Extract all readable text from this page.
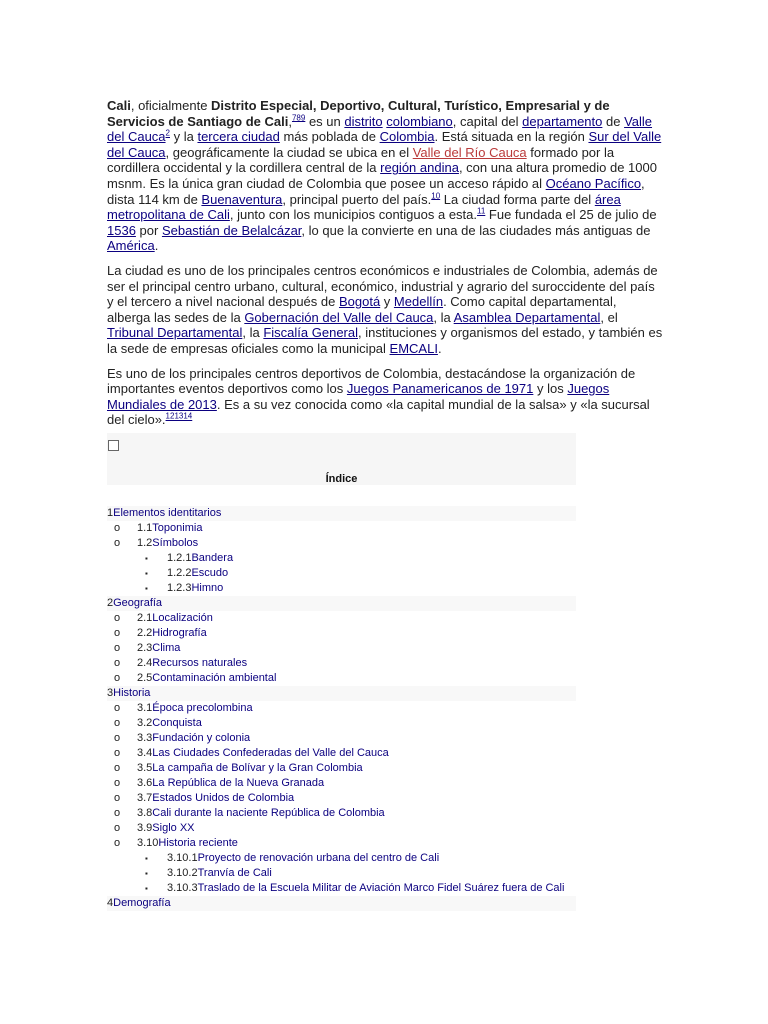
Cali, oficialmente Distrito Especial, Deportivo, Cultural, Turístico, Empresarial y de Servicios de Santiago de Cali,$^{789}$ es un distrito colombiano, capital del departamento de Valle del Cauca$^2$ y la tercera ciudad más poblada de Colombia. Está situada en la región Sur del Valle del Cauca, geográficamente la ciudad se ubica en el Valle del Río Cauca formado por la cordillera occidental y la cordillera central de la región andina, con una altura promedio de 1000 msnm. Es la única gran ciudad de Colombia que posee un acceso rápido al Océano Pacífico, dista 114 km de Buenaventura, principal puerto del país.$^{10}$ La ciudad forma parte del área metropolitana de Cali, junto con los municipios contiguos a esta.$^{11}$ Fue fundada el 25 de julio de 1536 por Sebastián de Belalcázar, lo que la convierte en una de las ciudades más antiguas de América.

La ciudad es uno de los principales centros económicos e industriales de Colombia, además de ser el principal centro urbano, cultural, económico, industrial y agrario del suroccidente del país y el tercero a nivel nacional después de Bogotá y Medellín. Como capital departamental, alberga las sedes de la Gobernación del Valle del Cauca, la Asamblea Departamental, el Tribunal Departamental, la Fiscalía General, instituciones y organismos del estado, y también es la sede de empresas oficiales como la municipal EMCALI.

Es uno de los principales centros deportivos de Colombia, destacándose la organización de importantes eventos deportivos como los Juegos Panamericanos de 1971 y los Juegos Mundiales de 2013. Es a su vez conocida como «la capital mundial de la salsa» y «la sucursal del cielo».$^{121314}$

Índice
1Elementos identitarios
o 1.1Toponimia
o 1.2Símbolos
▪ 1.2.1Bandera
▪ 1.2.2Escudo
▪ 1.2.3Himno
2Geografía
o 2.1Localización
o 2.2Hidrografía
o 2.3Clima
o 2.4Recursos naturales
o 2.5Contaminación ambiental
3Historia
o 3.1Época precolombina
o 3.2Conquista
o 3.3Fundación y colonia
o 3.4Las Ciudades Confederadas del Valle del Cauca
o 3.5La campaña de Bolívar y la Gran Colombia
o 3.6La República de la Nueva Granada
o 3.7Estados Unidos de Colombia
o 3.8Cali durante la naciente República de Colombia
o 3.9Siglo XX
o 3.10Historia reciente
▪ 3.10.1Proyecto de renovación urbana del centro de Cali
▪ 3.10.2Tranvía de Cali
▪ 3.10.3Traslado de la Escuela Militar de Aviación Marco Fidel Suárez fuera de Cali
4Demografía
